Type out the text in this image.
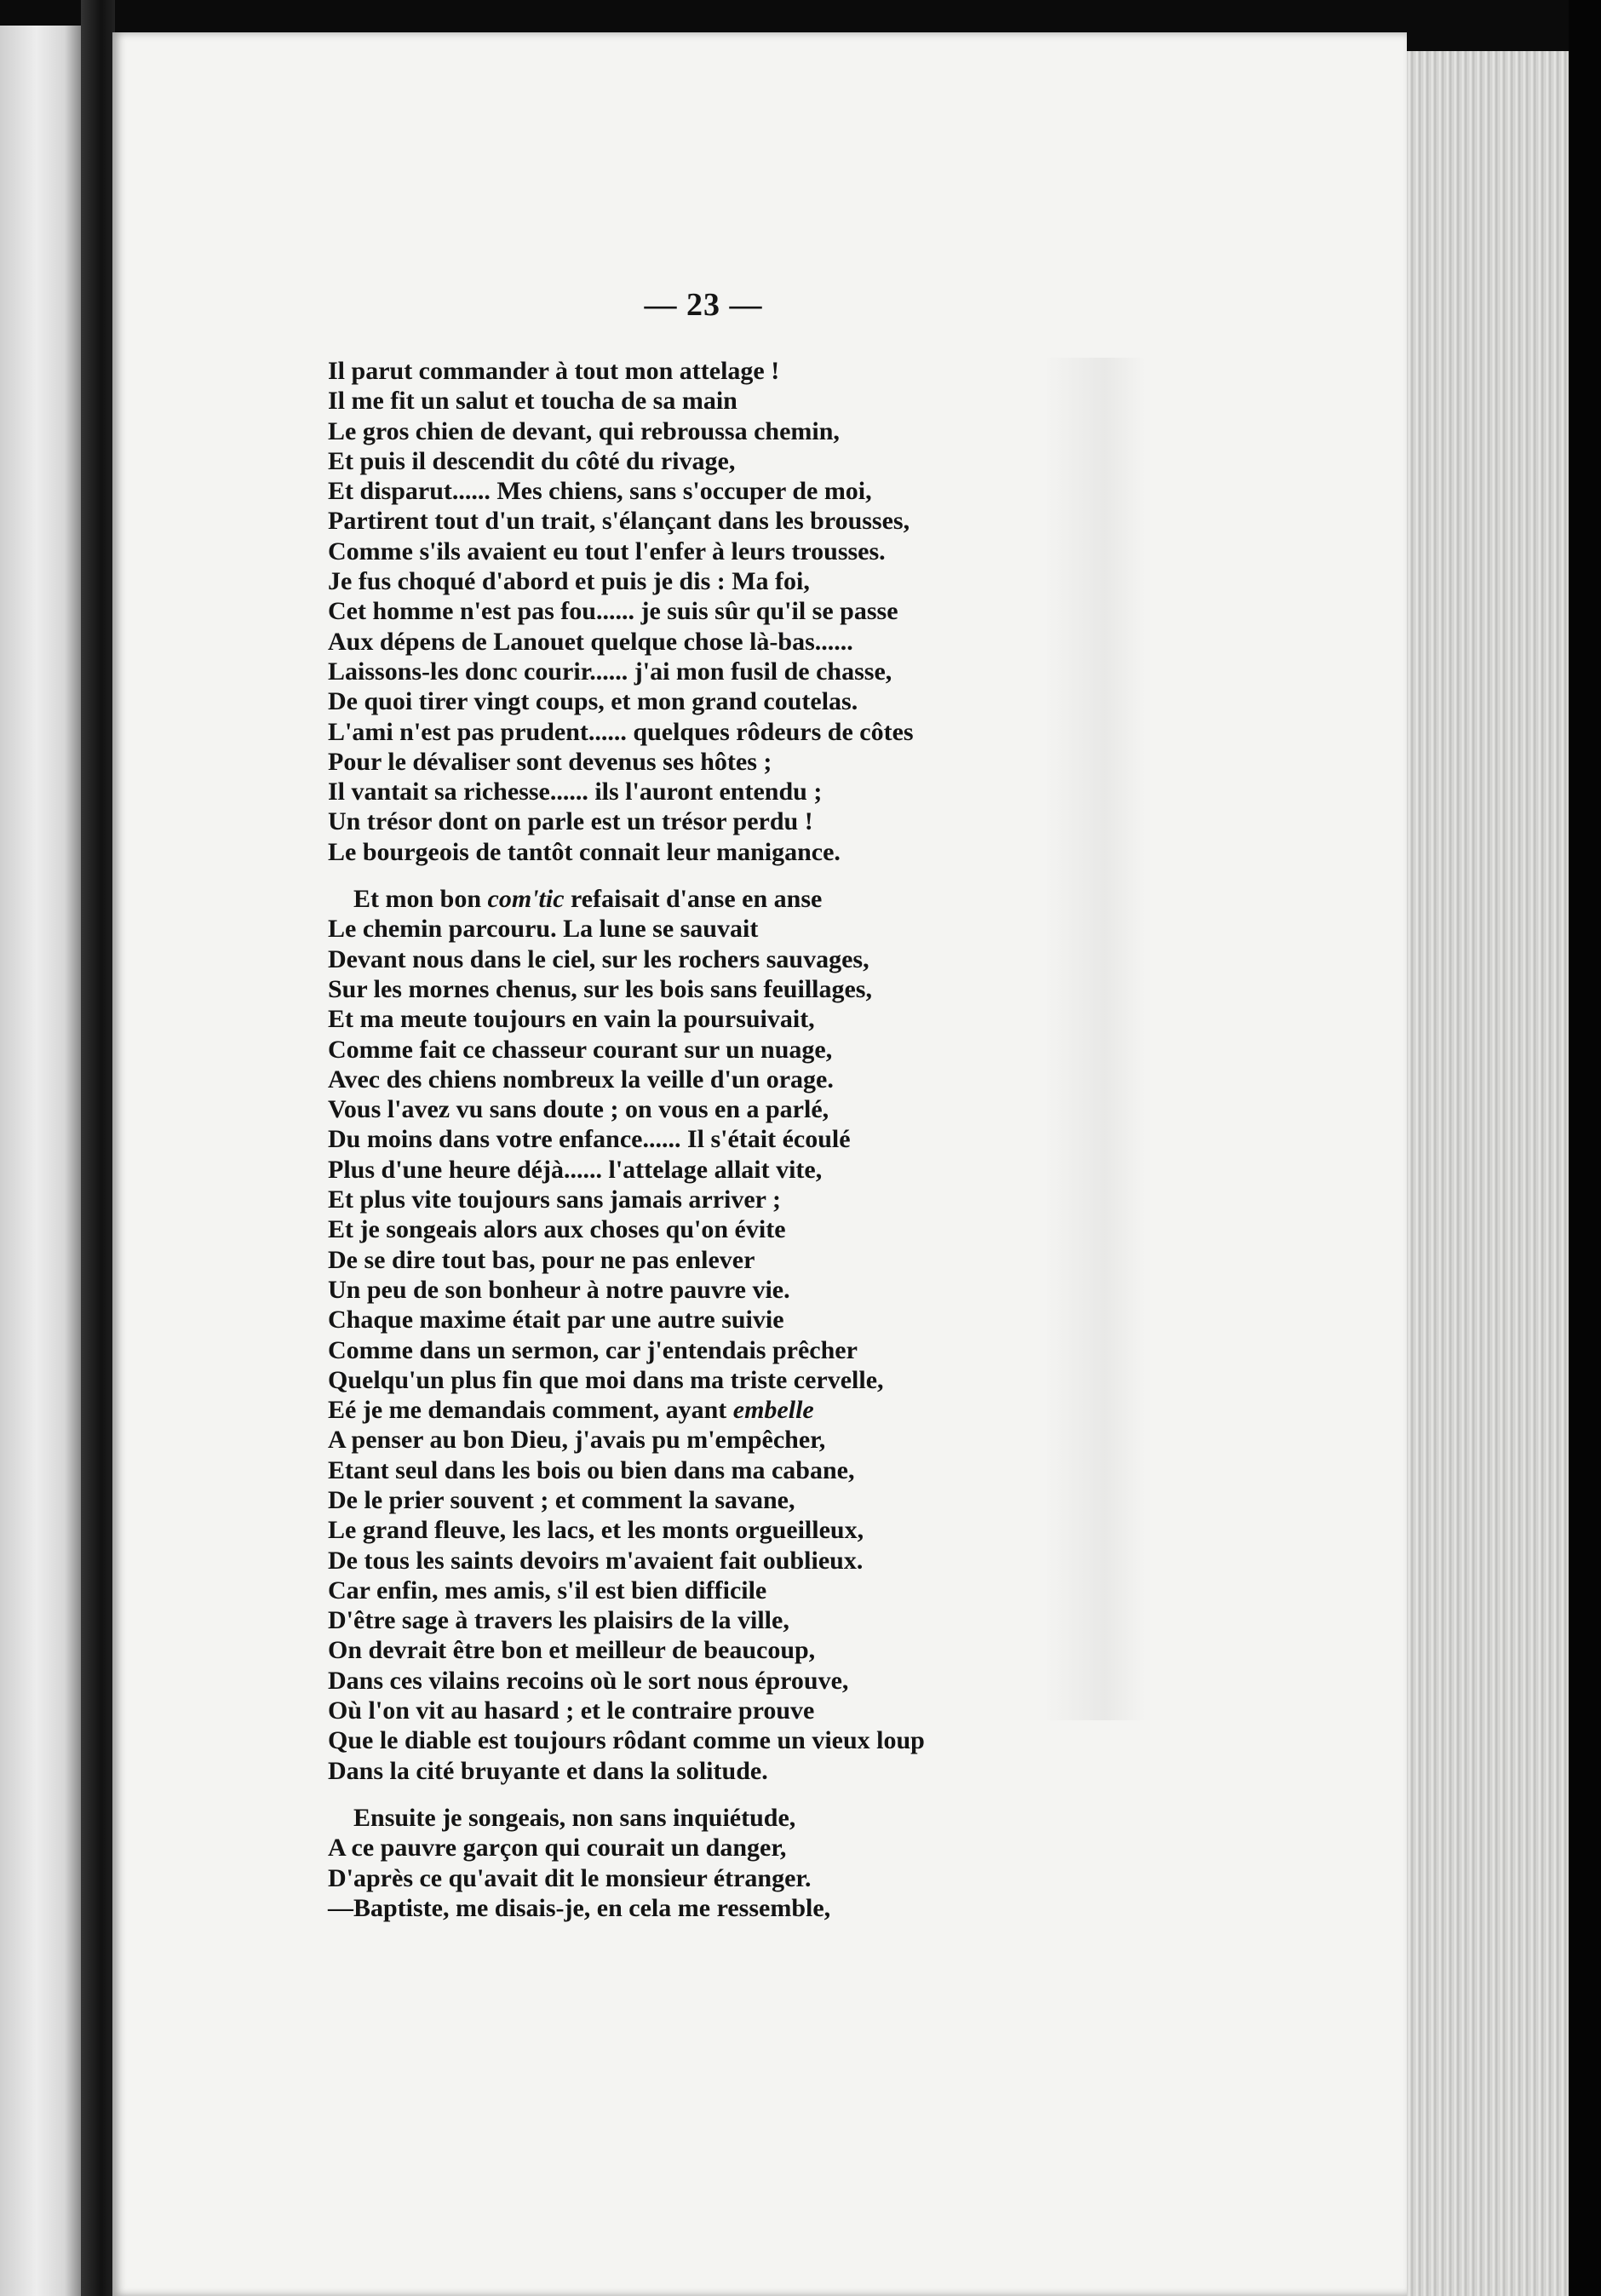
— 23 —
Il parut commander à tout mon attelage !
Il me fit un salut et toucha de sa main
Le gros chien de devant, qui rebroussa chemin,
Et puis il descendit du côté du rivage,
Et disparut...... Mes chiens, sans s'occuper de moi,
Partirent tout d'un trait, s'élançant dans les brousses,
Comme s'ils avaient eu tout l'enfer à leurs trousses.
Je fus choqué d'abord et puis je dis : Ma foi,
Cet homme n'est pas fou...... je suis sûr qu'il se passe
Aux dépens de Lanouet quelque chose là-bas......
Laissons-les donc courir...... j'ai mon fusil de chasse,
De quoi tirer vingt coups, et mon grand coutelas.
L'ami n'est pas prudent...... quelques rôdeurs de côtes
Pour le dévaliser sont devenus ses hôtes ;
Il vantait sa richesse...... ils l'auront entendu ;
Un trésor dont on parle est un trésor perdu !
Le bourgeois de tantôt connait leur manigance.
Et mon bon com'tic refaisait d'anse en anse
Le chemin parcouru. La lune se sauvait
Devant nous dans le ciel, sur les rochers sauvages,
Sur les mornes chenus, sur les bois sans feuillages,
Et ma meute toujours en vain la poursuivait,
Comme fait ce chasseur courant sur un nuage,
Avec des chiens nombreux la veille d'un orage.
Vous l'avez vu sans doute ; on vous en a parlé,
Du moins dans votre enfance...... Il s'était écoulé
Plus d'une heure déjà...... l'attelage allait vite,
Et plus vite toujours sans jamais arriver ;
Et je songeais alors aux choses qu'on évite
De se dire tout bas, pour ne pas enlever
Un peu de son bonheur à notre pauvre vie.
Chaque maxime était par une autre suivie
Comme dans un sermon, car j'entendais prêcher
Quelqu'un plus fin que moi dans ma triste cervelle,
Eé je me demandais comment, ayant embelle
A penser au bon Dieu, j'avais pu m'empêcher,
Etant seul dans les bois ou bien dans ma cabane,
De le prier souvent ; et comment la savane,
Le grand fleuve, les lacs, et les monts orgueilleux,
De tous les saints devoirs m'avaient fait oublieux.
Car enfin, mes amis, s'il est bien difficile
D'être sage à travers les plaisirs de la ville,
On devrait être bon et meilleur de beaucoup,
Dans ces vilains recoins où le sort nous éprouve,
Où l'on vit au hasard ; et le contraire prouve
Que le diable est toujours rôdant comme un vieux loup
Dans la cité bruyante et dans la solitude.
Ensuite je songeais, non sans inquiétude,
A ce pauvre garçon qui courait un danger,
D'après ce qu'avait dit le monsieur étranger.
—Baptiste, me disais-je, en cela me ressemble,
